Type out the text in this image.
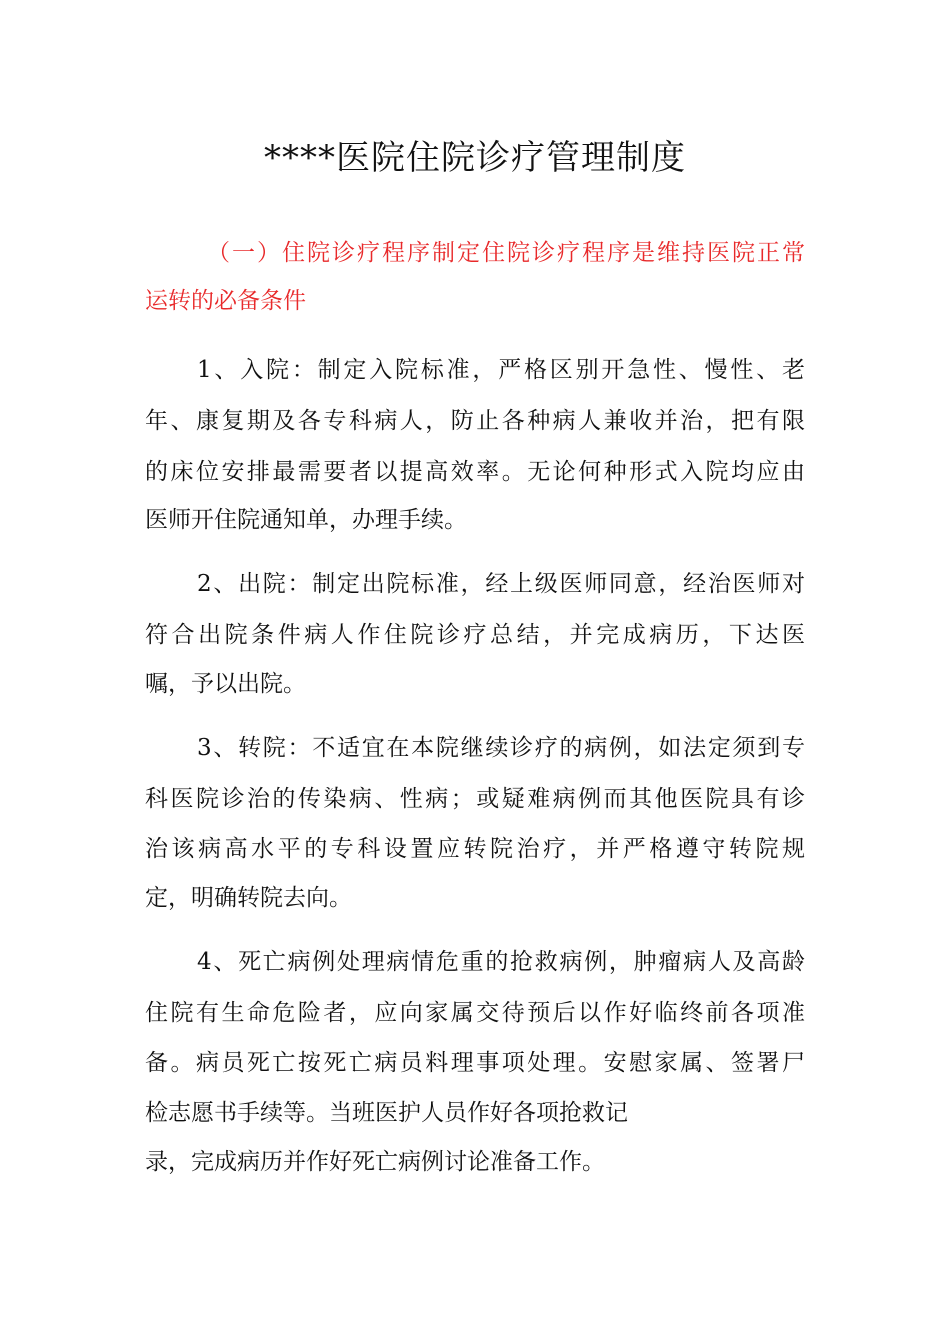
****医院住院诊疗管理制度
（一）住院诊疗程序制定住院诊疗程序是维持医院正常
运转的必备条件
1、入院：制定入院标准，严格区别开急性、慢性、老
年、康复期及各专科病人，防止各种病人兼收并治，把有限
的床位安排最需要者以提高效率。无论何种形式入院均应由
医师开住院通知单，办理手续。
2、出院：制定出院标准，经上级医师同意，经治医师对
符合出院条件病人作住院诊疗总结，并完成病历，下达医
嘱，予以出院。
3、转院：不适宜在本院继续诊疗的病例，如法定须到专
科医院诊治的传染病、性病；或疑难病例而其他医院具有诊
治该病高水平的专科设置应转院治疗，并严格遵守转院规
定，明确转院去向。
4、死亡病例处理病情危重的抢救病例，肿瘤病人及高龄
住院有生命危险者，应向家属交待预后以作好临终前各项准
备。病员死亡按死亡病员料理事项处理。安慰家属、签署尸
检志愿书手续等。当班医护人员作好各项抢救记
录，完成病历并作好死亡病例讨论准备工作。
